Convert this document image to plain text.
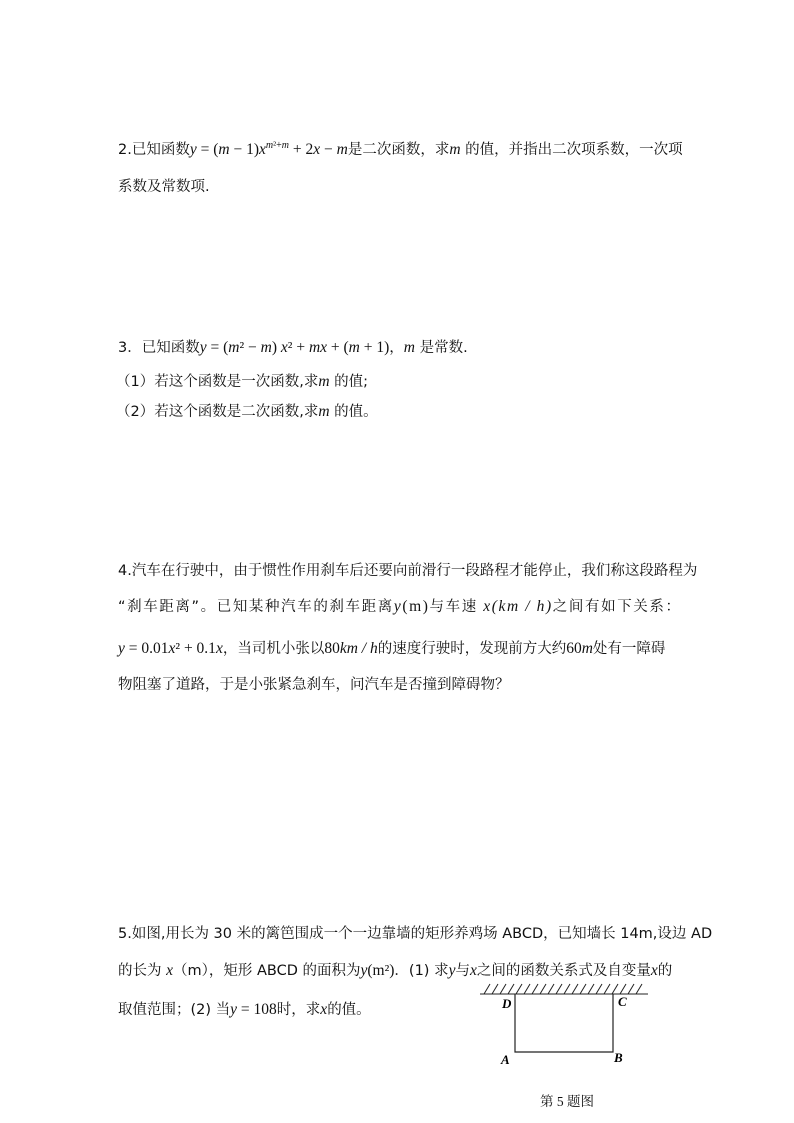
2.已知函数$y = (m - 1)x^{m^2+m} + 2x - m$是二次函数，求m 的值，并指出二次项系数，一次项
系数及常数项.
3．已知函数y = (m² − m) x² + mx + (m + 1)，m 是常数.
（1）若这个函数是一次函数,求m 的值;
（2）若这个函数是二次函数,求m 的值。
4.汽车在行驶中，由于惯性作用刹车后还要向前滑行一段路程才能停止，我们称这段路程为
“刹车距离”。已知某种汽车的刹车距离y(m)与车速 x(km / h)之间有如下关系：
y = 0.01x² + 0.1x，当司机小张以80km / h的速度行驶时，发现前方大约60m处有一障碍
物阻塞了道路，于是小张紧急刹车，问汽车是否撞到障碍物？
5.如图,用长为 30 米的篱笆围成一个一边靠墙的矩形养鸡场 ABCD，已知墙长 14m,设边 AD
的长为 x（m），矩形 ABCD 的面积为y(m²)．(1) 求y与x之间的函数关系式及自变量x的
取值范围；(2) 当y = 108时，求x的值。	D	C
A	B
第 5 题图
